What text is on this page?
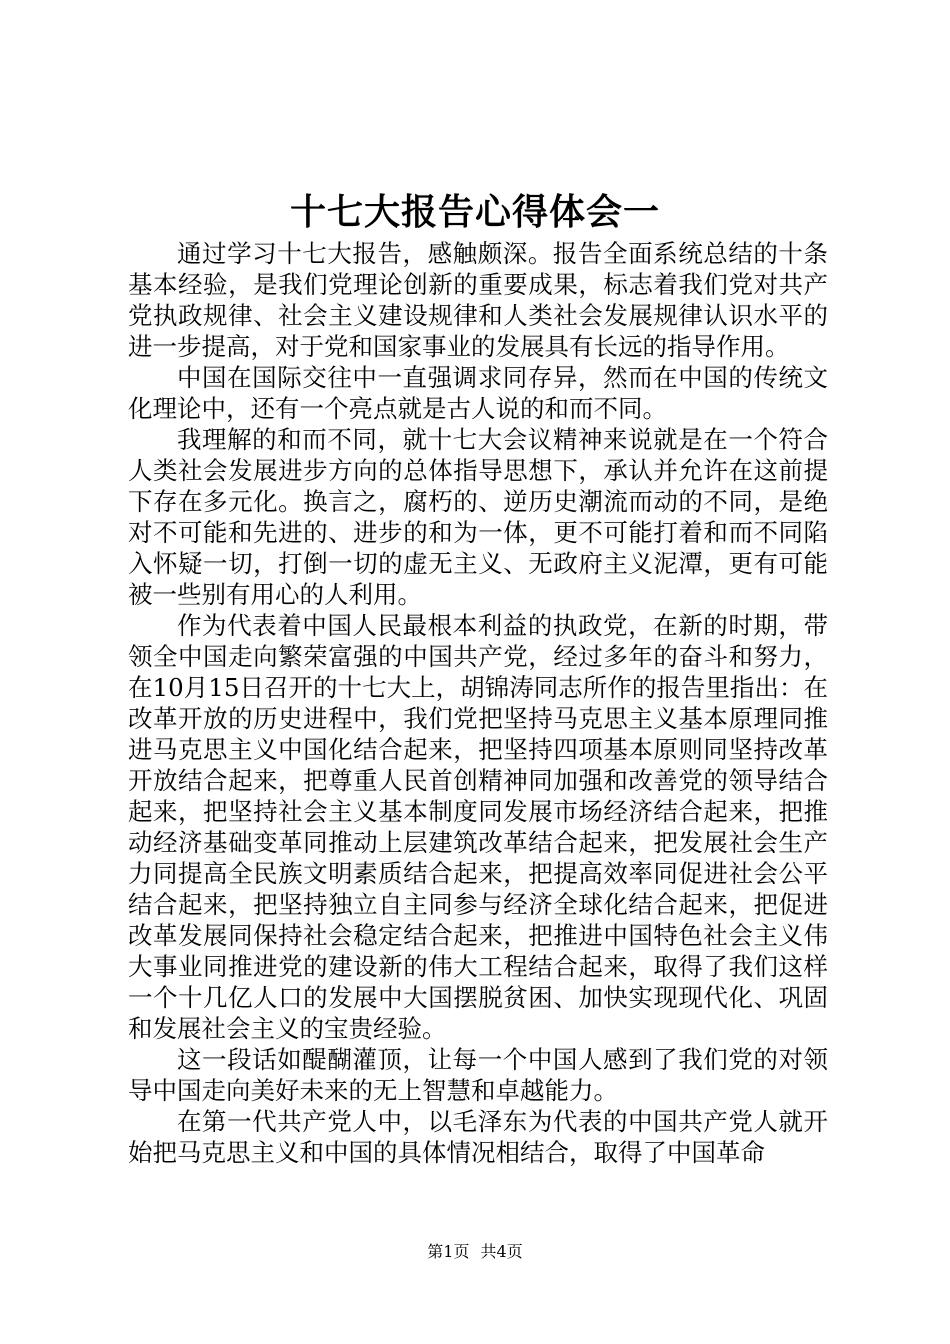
十七大报告心得体会一

通过学习十七大报告，感触颇深。报告全面系统总结的十条基本经验，是我们党理论创新的重要成果，标志着我们党对共产党执政规律、社会主义建设规律和人类社会发展规律认识水平的进一步提高，对于党和国家事业的发展具有长远的指导作用。

中国在国际交往中一直强调求同存异，然而在中国的传统文化理论中，还有一个亮点就是古人说的和而不同。

我理解的和而不同，就十七大会议精神来说就是在一个符合人类社会发展进步方向的总体指导思想下，承认并允许在这前提下存在多元化。换言之，腐朽的、逆历史潮流而动的不同，是绝对不可能和先进的、进步的和为一体，更不可能打着和而不同陷入怀疑一切，打倒一切的虚无主义、无政府主义泥潭，更有可能被一些别有用心的人利用。

作为代表着中国人民最根本利益的执政党，在新的时期，带领全中国走向繁荣富强的中国共产党，经过多年的奋斗和努力，在10月15日召开的十七大上，胡锦涛同志所作的报告里指出：在改革开放的历史进程中，我们党把坚持马克思主义基本原理同推进马克思主义中国化结合起来，把坚持四项基本原则同坚持改革开放结合起来，把尊重人民首创精神同加强和改善党的领导结合起来，把坚持社会主义基本制度同发展市场经济结合起来，把推动经济基础变革同推动上层建筑改革结合起来，把发展社会生产力同提高全民族文明素质结合起来，把提高效率同促进社会公平结合起来，把坚持独立自主同参与经济全球化结合起来，把促进改革发展同保持社会稳定结合起来，把推进中国特色社会主义伟大事业同推进党的建设新的伟大工程结合起来，取得了我们这样一个十几亿人口的发展中大国摆脱贫困、加快实现现代化、巩固和发展社会主义的宝贵经验。

这一段话如醍醐灌顶，让每一个中国人感到了我们党的对领导中国走向美好未来的无上智慧和卓越能力。

在第一代共产党人中，以毛泽东为代表的中国共产党人就开始把马克思主义和中国的具体情况相结合，取得了中国革命

第1页 共4页
